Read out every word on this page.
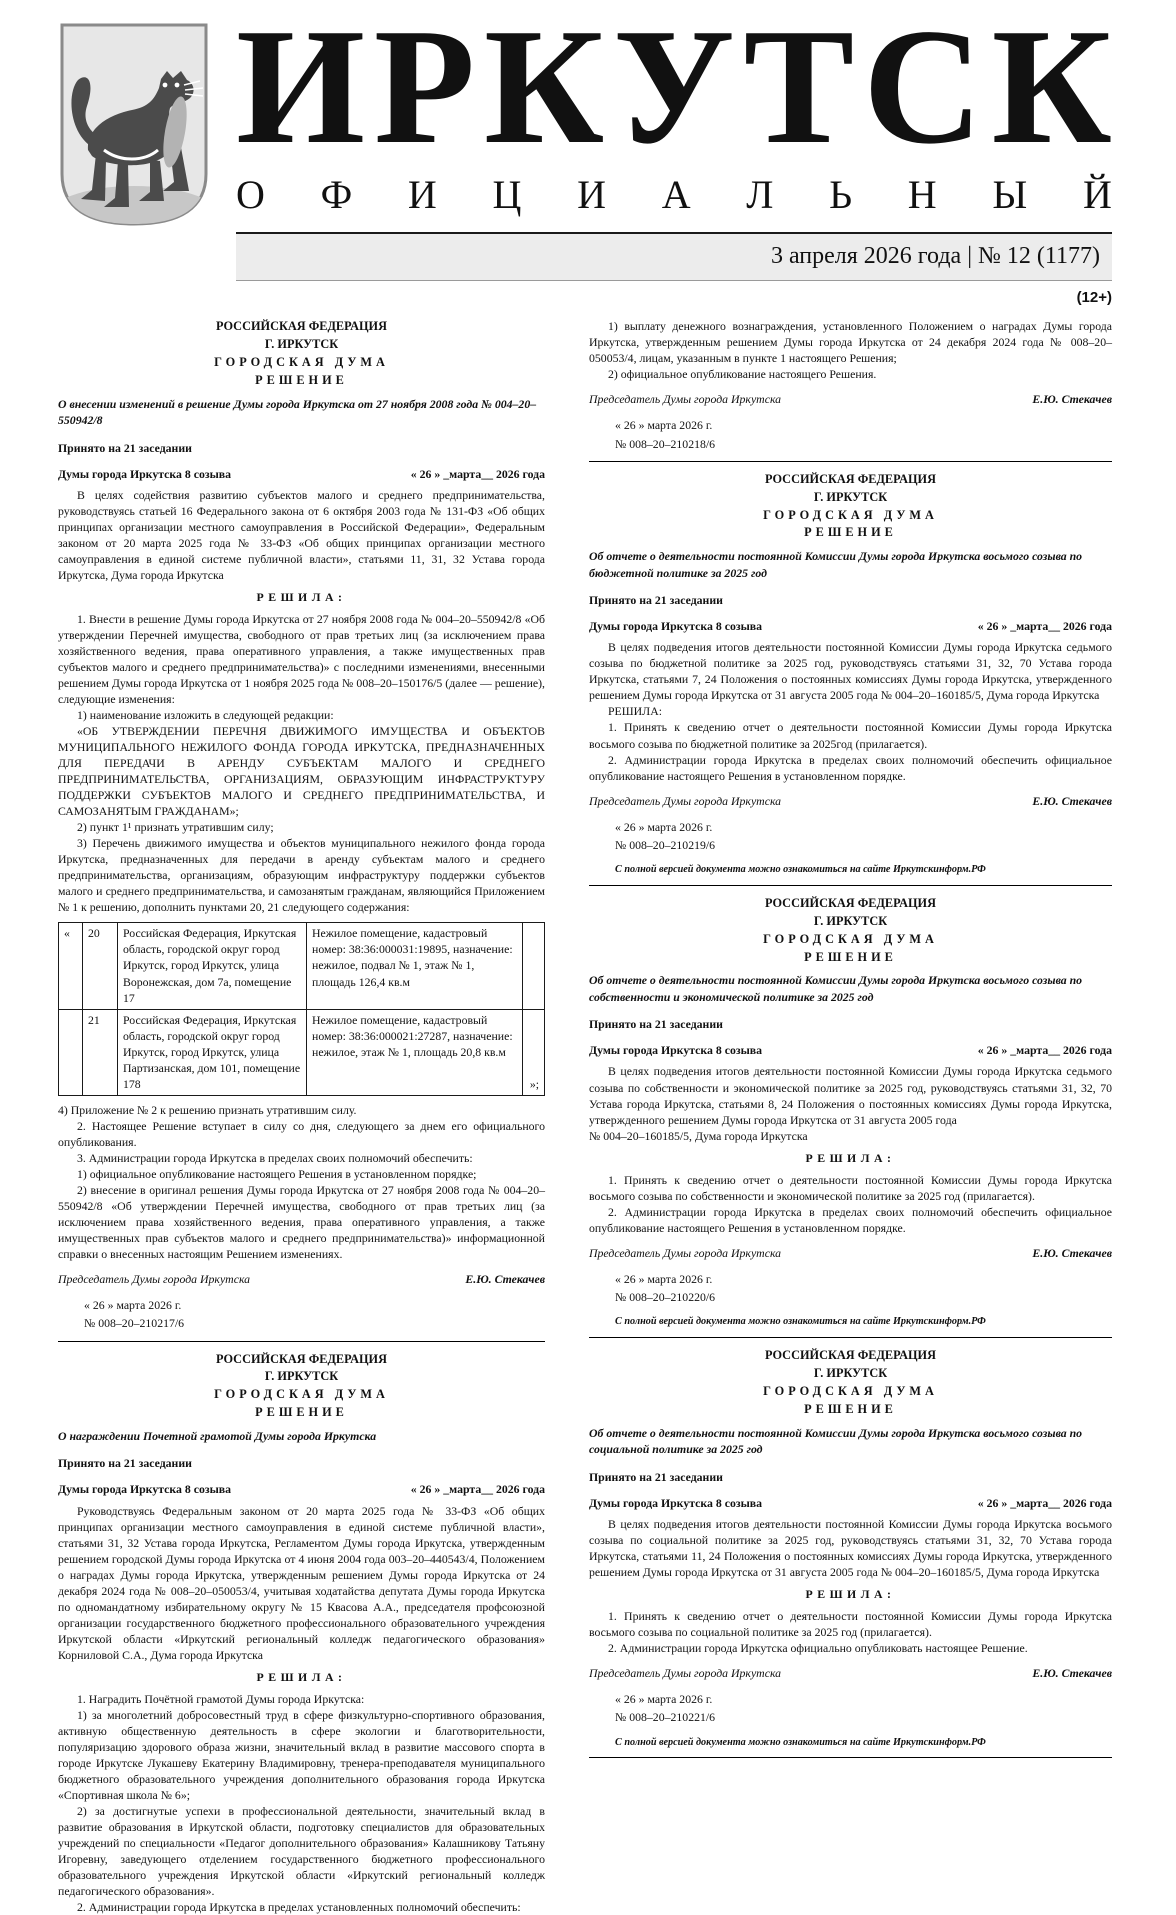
И Р К У Т С К
О Ф И Ц И А Л Ь Н Ы Й
3 апреля 2026 года | № 12 (1177)
(12+)
РОССИЙСКАЯ ФЕДЕРАЦИЯ
Г. ИРКУТСК
ГОРОДСКАЯ ДУМА
РЕШЕНИЕ

О внесении изменений в решение Думы города Иркутска от 27 ноября 2008 года № 004–20–550942/8

Принято на 21 заседании

Думы города Иркутска 8 созыва	« 26 » _марта__ 2026 года

В целях содействия развитию субъектов малого и среднего предпринимательства, руководствуясь статьей 16 Федерального закона от 6 октября 2003 года № 131-ФЗ «Об общих принципах организации местного самоуправления в Российской Федерации», Федеральным законом от 20 марта 2025 года № 33-ФЗ «Об общих принципах организации местного самоуправления в единой системе публичной власти», статьями 11, 31, 32 Устава города Иркутска, Дума города Иркутска

РЕШИЛА:

1. Внести в решение Думы города Иркутска от 27 ноября 2008 года № 004–20–550942/8 «Об утверждении Перечней имущества, свободного от прав третьих лиц (за исключением права хозяйственного ведения, права оперативного управления, а также имущественных прав субъектов малого и среднего предпринимательства)» с последними изменениями, внесенными решением Думы города Иркутска от 1 ноября 2025 года № 008–20–150176/5 (далее — решение), следующие изменения:

1) наименование изложить в следующей редакции:

«ОБ УТВЕРЖДЕНИИ ПЕРЕЧНЯ ДВИЖИМОГО ИМУЩЕСТВА И ОБЪЕКТОВ МУНИЦИПАЛЬНОГО НЕЖИЛОГО ФОНДА ГОРОДА ИРКУТСКА, ПРЕДНАЗНАЧЕННЫХ ДЛЯ ПЕРЕДАЧИ В АРЕНДУ СУБЪЕКТАМ МАЛОГО И СРЕДНЕГО ПРЕДПРИНИМАТЕЛЬСТВА, ОРГАНИЗАЦИЯМ, ОБРАЗУЮЩИМ ИНФРАСТРУКТУРУ ПОДДЕРЖКИ СУБЪЕКТОВ МАЛОГО И СРЕДНЕГО ПРЕДПРИНИМАТЕЛЬСТВА, И САМОЗАНЯТЫМ ГРАЖДАНАМ»;

2) пункт 1¹ признать утратившим силу;

3) Перечень движимого имущества и объектов муниципального нежилого фонда города Иркутска, предназначенных для передачи в аренду субъектам малого и среднего предпринимательства, организациям, образующим инфраструктуру поддержки субъектов малого и среднего предпринимательства, и самозанятым гражданам, являющийся Приложением № 1 к решению, дополнить пунктами 20, 21 следующего содержания:

«	20	Российская Федерация, Иркутская область, городской округ город Иркутск, город Иркутск, улица Воронежская, дом 7а, помещение 17	Нежилое помещение, кадастровый номер: 38:36:000031:19895, назначение: нежилое, подвал № 1, этаж № 1, площадь 126,4 кв.м	
	21	Российская Федерация, Иркутская область, городской округ город Иркутск, город Иркутск, улица Партизанская, дом 101, помещение 178	Нежилое помещение, кадастровый номер: 38:36:000021:27287, назначение: нежилое, этаж № 1, площадь 20,8 кв.м	»;

4) Приложение № 2 к решению признать утратившим силу.

2. Настоящее Решение вступает в силу со дня, следующего за днем его официального опубликования.

3. Администрации города Иркутска в пределах своих полномочий обеспечить:

1) официальное опубликование настоящего Решения в установленном порядке;

2) внесение в оригинал решения Думы города Иркутска от 27 ноября 2008 года № 004–20–550942/8 «Об утверждении Перечней имущества, свободного от прав третьих лиц (за исключением права хозяйственного ведения, права оперативного управления, а также имущественных прав субъектов малого и среднего предпринимательства)» информационной справки о внесенных настоящим Решением изменениях.

Председатель Думы города Иркутска	Е.Ю. Стекачев
« 26 » марта 2026 г.
№ 008–20–210217/6
РОССИЙСКАЯ ФЕДЕРАЦИЯ
Г. ИРКУТСК
ГОРОДСКАЯ ДУМА
РЕШЕНИЕ

О награждении Почетной грамотой Думы города Иркутска

Принято на 21 заседании

Думы города Иркутска 8 созыва	« 26 » _марта__ 2026 года

Руководствуясь Федеральным законом от 20 марта 2025 года № 33-ФЗ «Об общих принципах организации местного самоуправления в единой системе публичной власти», статьями 31, 32 Устава города Иркутска, Регламентом Думы города Иркутска, утвержденным решением городской Думы города Иркутска от 4 июня 2004 года 003–20–440543/4, Положением о наградах Думы города Иркутска, утвержденным решением Думы города Иркутска от 24 декабря 2024 года № 008–20–050053/4, учитывая ходатайства депутата Думы города Иркутска по одномандатному избирательному округу № 15 Квасова А.А., председателя профсоюзной организации государственного бюджетного профессионального образовательного учреждения Иркутской области «Иркутский региональный колледж педагогического образования» Корниловой С.А., Дума города Иркутска

РЕШИЛА:

1. Наградить Почётной грамотой Думы города Иркутска:

1) за многолетний добросовестный труд в сфере физкультурно-спортивного образования, активную общественную деятельность в сфере экологии и благотворительности, популяризацию здорового образа жизни, значительный вклад в развитие массового спорта в городе Иркутске Лукашеву Екатерину Владимировну, тренера-преподавателя муниципального бюджетного образовательного учреждения дополнительного образования города Иркутска «Спортивная школа № 6»;

2) за достигнутые успехи в профессиональной деятельности, значительный вклад в развитие образования в Иркутской области, подготовку специалистов для образовательных учреждений по специальности «Педагог дополнительного образования» Калашникову Татьяну Игоревну, заведующего отделением государственного бюджетного профессионального образовательного учреждения Иркутской области «Иркутский региональный колледж педагогического образования».

2. Администрации города Иркутска в пределах установленных полномочий обеспечить:

1) выплату денежного вознаграждения, установленного Положением о наградах Думы города Иркутска, утвержденным решением Думы города Иркутска от 24 декабря 2024 года № 008–20–050053/4, лицам, указанным в пункте 1 настоящего Решения;

2) официальное опубликование настоящего Решения.

Председатель Думы города Иркутска	Е.Ю. Стекачев
« 26 » марта 2026 г.
№ 008–20–210218/6
РОССИЙСКАЯ ФЕДЕРАЦИЯ
Г. ИРКУТСК
ГОРОДСКАЯ ДУМА
РЕШЕНИЕ

Об отчете о деятельности постоянной Комиссии Думы города Иркутска восьмого созыва по бюджетной политике за 2025 год

Принято на 21 заседании

Думы города Иркутска 8 созыва	« 26 » _марта__ 2026 года

В целях подведения итогов деятельности постоянной Комиссии Думы города Иркутска седьмого созыва по бюджетной политике за 2025 год, руководствуясь статьями 31, 32, 70 Устава города Иркутска, статьями 7, 24 Положения о постоянных комиссиях Думы города Иркутска, утвержденного решением Думы города Иркутска от 31 августа 2005 года № 004–20–160185/5, Дума города Иркутска

РЕШИЛА:

1. Принять к сведению отчет о деятельности постоянной Комиссии Думы города Иркутска восьмого созыва по бюджетной политике за 2025год (прилагается).

2. Администрации города Иркутска в пределах своих полномочий обеспечить официальное опубликование настоящего Решения в установленном порядке.

Председатель Думы города Иркутска	Е.Ю. Стекачев
« 26 » марта 2026 г.
№ 008–20–210219/6

С полной версией документа можно ознакомиться на сайте Иркутскинформ.РФ

РОССИЙСКАЯ ФЕДЕРАЦИЯ
Г. ИРКУТСК
ГОРОДСКАЯ ДУМА
РЕШЕНИЕ

Об отчете о деятельности постоянной Комиссии Думы города Иркутска восьмого созыва по собственности и экономической политике за 2025 год

Принято на 21 заседании

Думы города Иркутска 8 созыва	« 26 » _марта__ 2026 года

В целях подведения итогов деятельности постоянной Комиссии Думы города Иркутска седьмого созыва по собственности и экономической политике за 2025 год, руководствуясь статьями 31, 32, 70 Устава города Иркутска, статьями 8, 24 Положения о постоянных комиссиях Думы города Иркутска, утвержденного решением Думы города Иркутска от 31 августа 2005 года

№ 004–20–160185/5, Дума города Иркутска

РЕШИЛА:

1. Принять к сведению отчет о деятельности постоянной Комиссии Думы города Иркутска восьмого созыва по собственности и экономической политике за 2025 год (прилагается).

2. Администрации города Иркутска в пределах своих полномочий обеспечить официальное опубликование настоящего Решения в установленном порядке.

Председатель Думы города Иркутска	Е.Ю. Стекачев
« 26 » марта 2026 г.
№ 008–20–210220/6

С полной версией документа можно ознакомиться на сайте Иркутскинформ.РФ

РОССИЙСКАЯ ФЕДЕРАЦИЯ
Г. ИРКУТСК
ГОРОДСКАЯ ДУМА
РЕШЕНИЕ

Об отчете о деятельности постоянной Комиссии Думы города Иркутска восьмого созыва по социальной политике за 2025 год

Принято на 21 заседании

Думы города Иркутска 8 созыва	« 26 » _марта__ 2026 года

В целях подведения итогов деятельности постоянной Комиссии Думы города Иркутска восьмого созыва по социальной политике за 2025 год, руководствуясь статьями 31, 32, 70 Устава города Иркутска, статьями 11, 24 Положения о постоянных комиссиях Думы города Иркутска, утвержденного решением Думы города Иркутска от 31 августа 2005 года № 004–20–160185/5, Дума города Иркутска

РЕШИЛА:

1. Принять к сведению отчет о деятельности постоянной Комиссии Думы города Иркутска восьмого созыва по социальной политике за 2025 год (прилагается).

2. Администрации города Иркутска официально опубликовать настоящее Решение.

Председатель Думы города Иркутска	Е.Ю. Стекачев
« 26 » марта 2026 г.
№ 008–20–210221/6

С полной версией документа можно ознакомиться на сайте Иркутскинформ.РФ
